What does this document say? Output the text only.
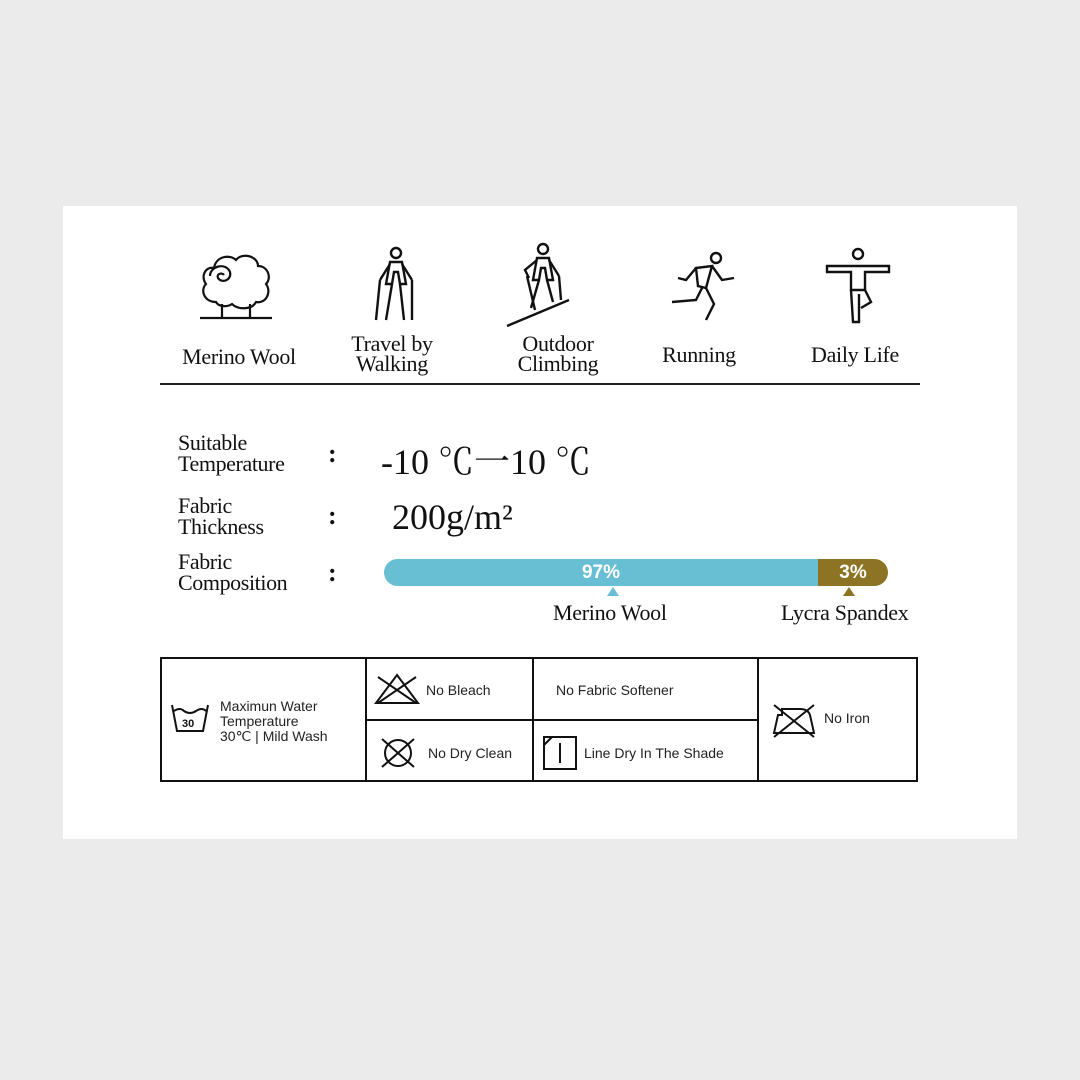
Merino Wool
Travel by Walking
Outdoor Climbing	Running	Daily Life
Suitable
Temperature : -10 ℃一10 ℃
Fabric
Thickness : 200g/m²
Fabric
Composition :	97%	3%
Merino Wool	Lycra Spandex
30
Maximun Water
Temperature
30℃ | Mild Wash
No Bleach	No Fabric Softener
No Iron
No Dry Clean	Line Dry In The Shade
